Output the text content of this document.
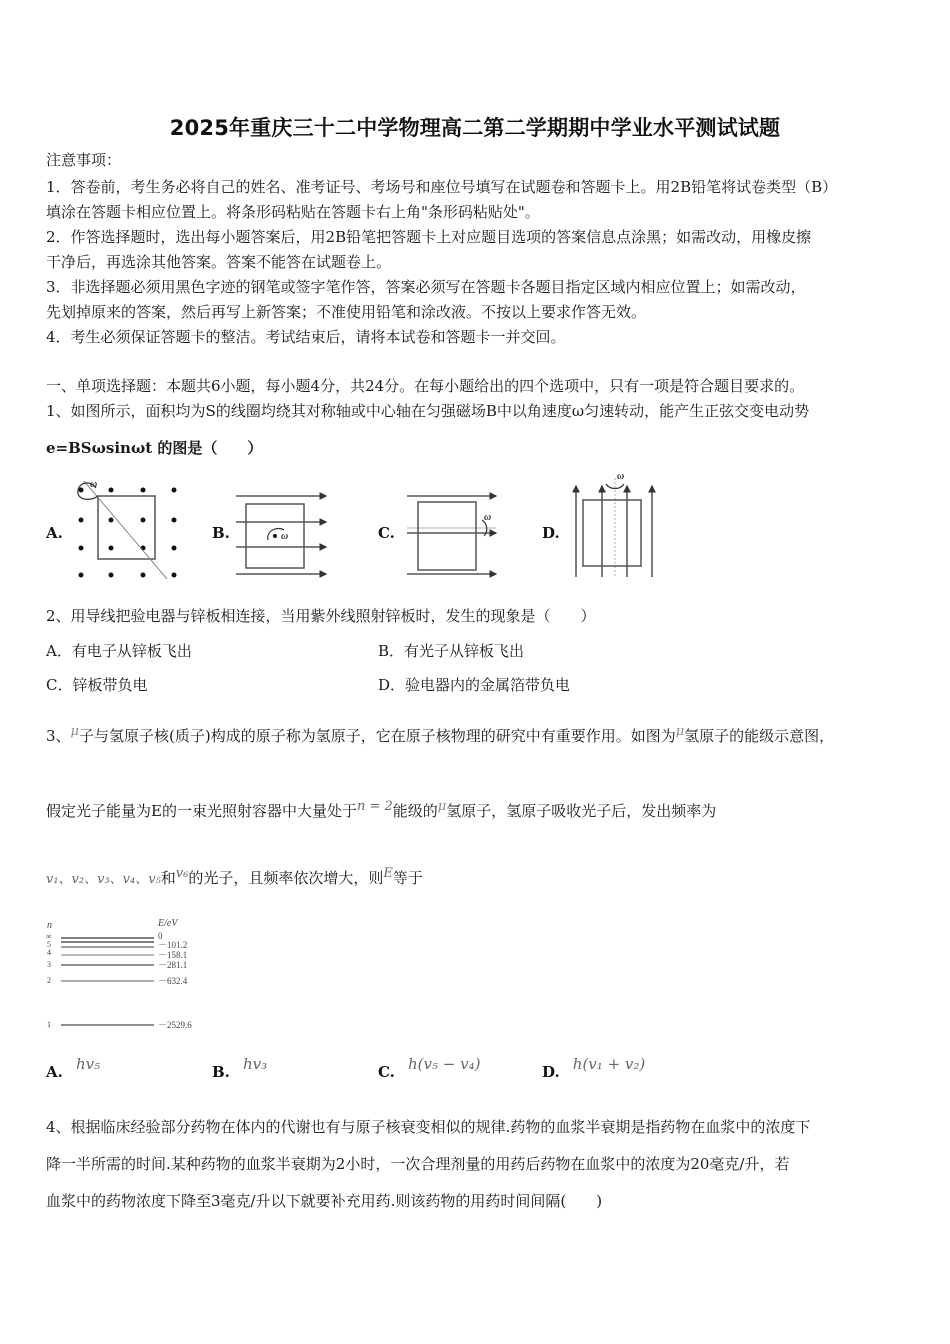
2025年重庆三十二中学物理高二第二学期期中学业水平测试试题
注意事项：
1．答卷前，考生务必将自己的姓名、准考证号、考场号和座位号填写在试题卷和答题卡上。用2B铅笔将试卷类型（B）
填涂在答题卡相应位置上。将条形码粘贴在答题卡右上角"条形码粘贴处"。
2．作答选择题时，选出每小题答案后，用2B铅笔把答题卡上对应题目选项的答案信息点涂黑；如需改动，用橡皮擦
干净后，再选涂其他答案。答案不能答在试题卷上。
3．非选择题必须用黑色字迹的钢笔或签字笔作答，答案必须写在答题卡各题目指定区域内相应位置上；如需改动，
先划掉原来的答案，然后再写上新答案；不准使用铅笔和涂改液。不按以上要求作答无效。
4．考生必须保证答题卡的整洁。考试结束后，请将本试卷和答题卡一并交回。
一、单项选择题：本题共6小题，每小题4分，共24分。在每小题给出的四个选项中，只有一项是符合题目要求的。
1、如图所示，面积均为S的线圈均绕其对称轴或中心轴在匀强磁场B中以角速度ω匀速转动，能产生正弦交变电动势
e=BSωsinωt 的图是（　　）
A.
ω
B.	ω	C.
ω
D.
ω
2、用导线把验电器与锌板相连接，当用紫外线照射锌板时，发生的现象是（　　）
A．有电子从锌板飞出	B．有光子从锌板飞出
C．锌板带负电	D．验电器内的金属箔带负电
3、μ子与氢原子核(质子)构成的原子称为氢原子，它在原子核物理的研究中有重要作用。如图为μ氢原子的能级示意图，
假定光子能量为E的一束光照射容器中大量处于n = 2能级的μ氢原子，氢原子吸收光子后，发出频率为
v₁、v₂、v₃、v₄、v₅和v₆的光子，且频率依次增大，则E等于
n	E/eV
∞
5
4
3
2
1
0
－101.2
－158.1
－281.1
－632.4
－2529.6
A. hv₅	B. hv₃	C. h(v₅ − v₄)	D. h(v₁ + v₂)
4、根据临床经验部分药物在体内的代谢也有与原子核衰变相似的规律.药物的血浆半衰期是指药物在血浆中的浓度下
降一半所需的时间.某种药物的血浆半衰期为2小时，一次合理剂量的用药后药物在血浆中的浓度为20毫克/升，若
血浆中的药物浓度下降至3毫克/升以下就要补充用药.则该药物的用药时间间隔(　　)
